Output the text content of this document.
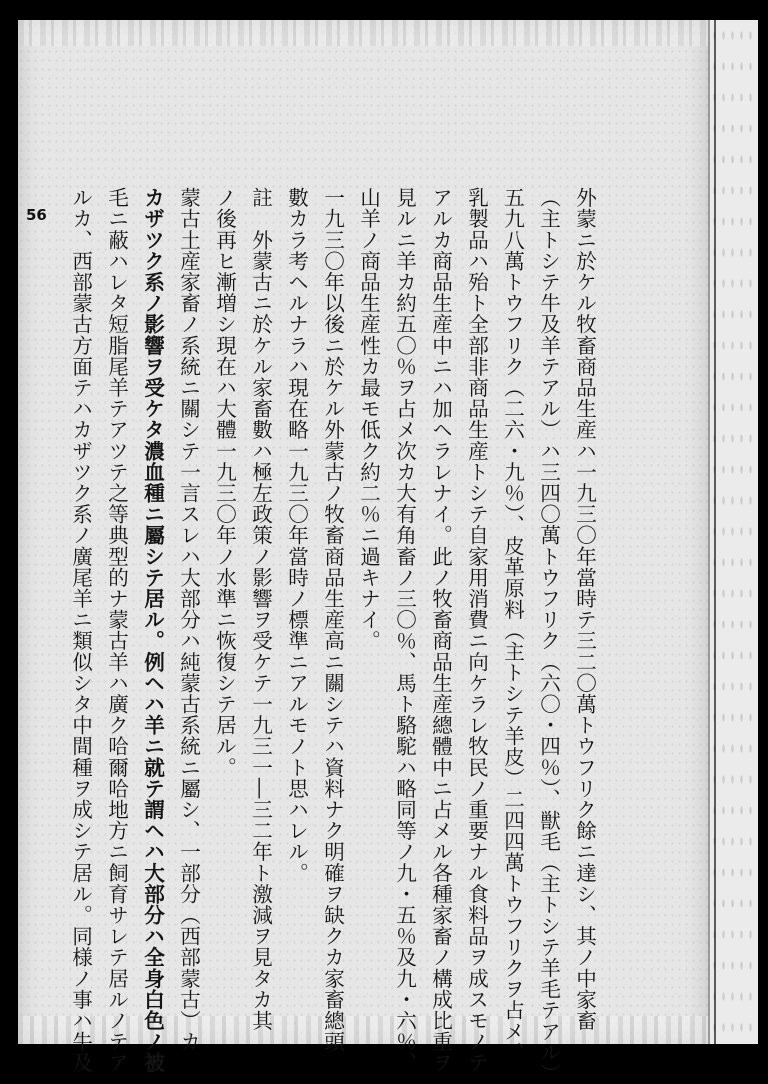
56	外蒙ニ於ケル牧畜商品生産ハ一九三〇年當時テ三二〇萬トウフリク餘ニ達シ、其ノ中家畜
（主トシテ牛及羊テアル）ハ三四〇萬トウフリク（六〇・四％）、獣毛（主トシテ羊毛テアル）
五九八萬トウフリク（二六・九％）、皮革原料（主トシテ羊皮）二四四萬トウフリクヲ占メ、
乳製品ハ殆ト全部非商品生産トシテ自家用消費ニ向ケラレ牧民ノ重要ナル食料品ヲ成スモノテ
アルカ商品生産中ニハ加ヘラレナイ。此ノ牧畜商品生産總體中ニ占メル各種家畜ノ構成比重ヲ
見ルニ羊カ約五〇％ヲ占メ次カ大有角畜ノ三〇％、馬ト駱駝ハ略同等ノ九・五％及九・六％、
山羊ノ商品生産性カ最モ低ク約二％ニ過キナイ。
一九三〇年以後ニ於ケル外蒙古ノ牧畜商品生産高ニ關シテハ資料ナク明確ヲ缺クカ家畜總頭
數カラ考ヘルナラハ現在略一九三〇年當時ノ標準ニアルモノト思ハレル。
註　外蒙古ニ於ケル家畜數ハ極左政策ノ影響ヲ受ケテ一九三一―三二年ト激減ヲ見タカ其
ノ後再ヒ漸増シ現在ハ大體一九三〇年ノ水準ニ恢復シテ居ル。
蒙古土産家畜ノ系統ニ關シテ一言スレハ大部分ハ純蒙古系統ニ屬シ、一部分（西部蒙古）カ
カザツク系ノ影響ヲ受ケタ濃血種ニ屬シテ居ル。例ヘハ羊ニ就テ謂ヘハ大部分ハ全身白色ノ被
毛ニ蔽ハレタ短脂尾羊テアツテ之等典型的ナ蒙古羊ハ廣ク哈爾哈地方ニ飼育サレテ居ルノテア
ルカ、西部蒙古方面テハカザツク系ノ廣尾羊ニ類似シタ中間種ヲ成シテ居ル。同様ノ事ハ牛及
